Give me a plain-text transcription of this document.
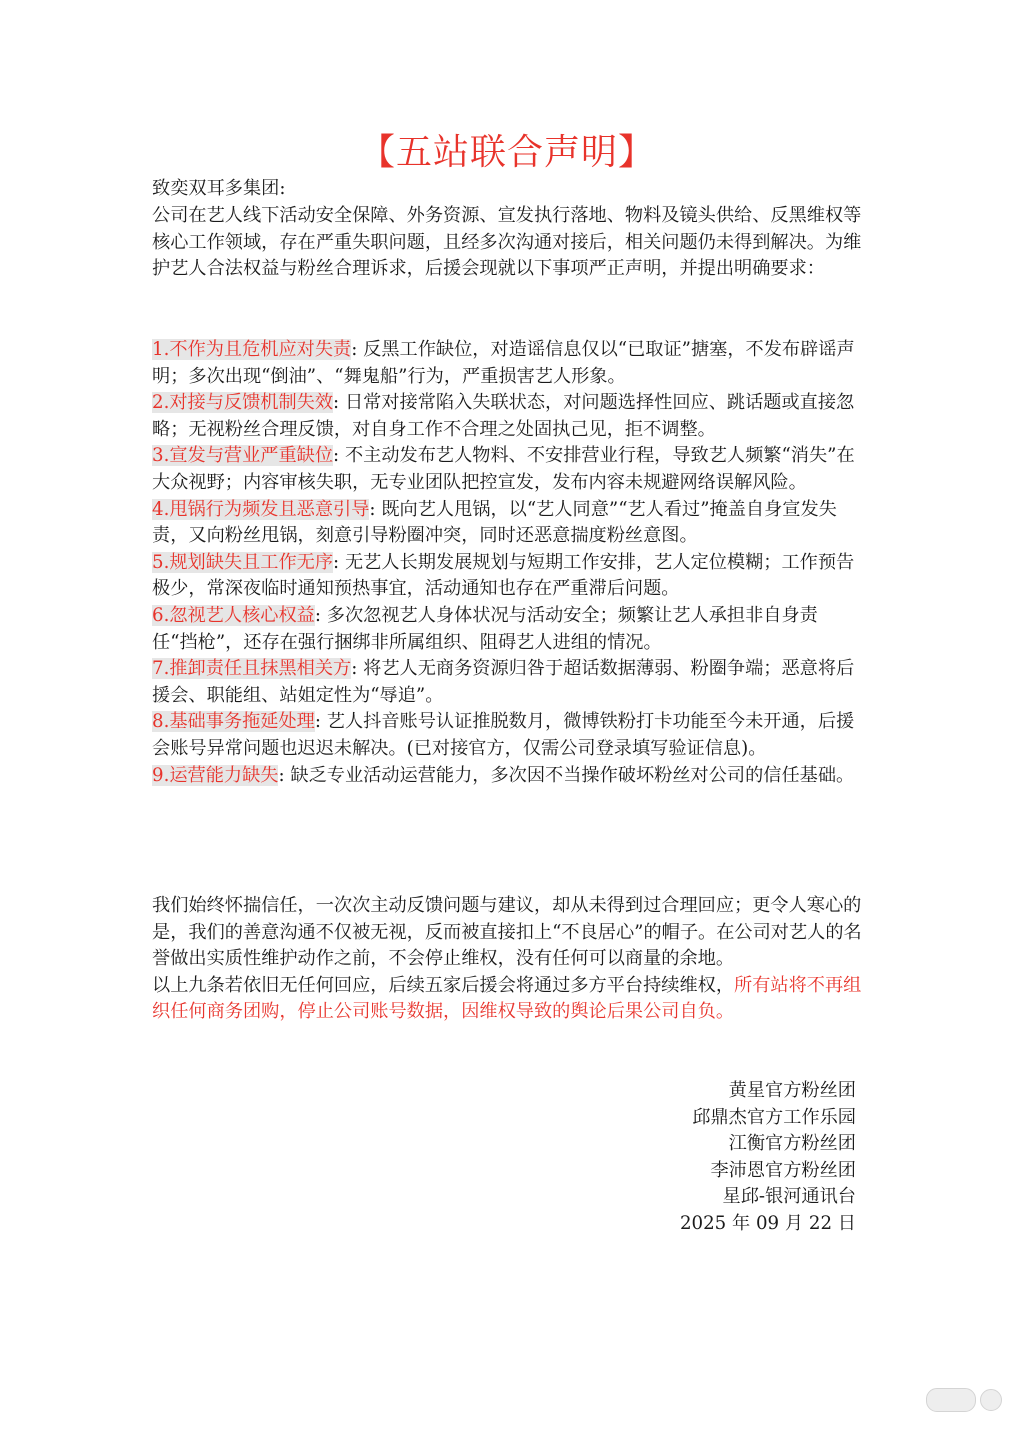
【五站联合声明】
致奕双耳多集团:

公司在艺人线下活动安全保障、外务资源、宣发执行落地、物料及镜头供给、反黑维权等核心工作领域，存在严重失职问题，且经多次沟通对接后，相关问题仍未得到解决。为维护艺人合法权益与粉丝合理诉求，后援会现就以下事项严正声明，并提出明确要求：

1.不作为且危机应对失责: 反黑工作缺位，对造谣信息仅以“已取证”搪塞，不发布辟谣声明；多次出现“倒油”、“舞鬼船”行为，严重损害艺人形象。

2.对接与反馈机制失效: 日常对接常陷入失联状态，对问题选择性回应、跳话题或直接忽略；无视粉丝合理反馈，对自身工作不合理之处固执己见，拒不调整。

3.宣发与营业严重缺位: 不主动发布艺人物料、不安排营业行程，导致艺人频繁“消失”在大众视野；内容审核失职，无专业团队把控宣发，发布内容未规避网络误解风险。

4.甩锅行为频发且恶意引导: 既向艺人甩锅，以“艺人同意”“艺人看过”掩盖自身宣发失责，又向粉丝甩锅，刻意引导粉圈冲突，同时还恶意揣度粉丝意图。

5.规划缺失且工作无序: 无艺人长期发展规划与短期工作安排，艺人定位模糊；工作预告极少，常深夜临时通知预热事宜，活动通知也存在严重滞后问题。

6.忽视艺人核心权益: 多次忽视艺人身体状况与活动安全；频繁让艺人承担非自身责任“挡枪”，还存在强行捆绑非所属组织、阻碍艺人进组的情况。

7.推卸责任且抹黑相关方: 将艺人无商务资源归咎于超话数据薄弱、粉圈争端；恶意将后援会、职能组、站姐定性为“辱追”。

8.基础事务拖延处理: 艺人抖音账号认证推脱数月，微博铁粉打卡功能至今未开通，后援会账号异常问题也迟迟未解决。(已对接官方，仅需公司登录填写验证信息)。

9.运营能力缺失: 缺乏专业活动运营能力，多次因不当操作破坏粉丝对公司的信任基础。

我们始终怀揣信任，一次次主动反馈问题与建议，却从未得到过合理回应；更令人寒心的是，我们的善意沟通不仅被无视，反而被直接扣上“不良居心”的帽子。在公司对艺人的名誉做出实质性维护动作之前，不会停止维权，没有任何可以商量的余地。

以上九条若依旧无任何回应，后续五家后援会将通过多方平台持续维权，所有站将不再组织任何商务团购，停止公司账号数据，因维权导致的舆论后果公司自负。

黄星官方粉丝团
邱鼎杰官方工作乐园
江衡官方粉丝团
李沛恩官方粉丝团
星邱-银河通讯台
2025 年 09 月 22 日
